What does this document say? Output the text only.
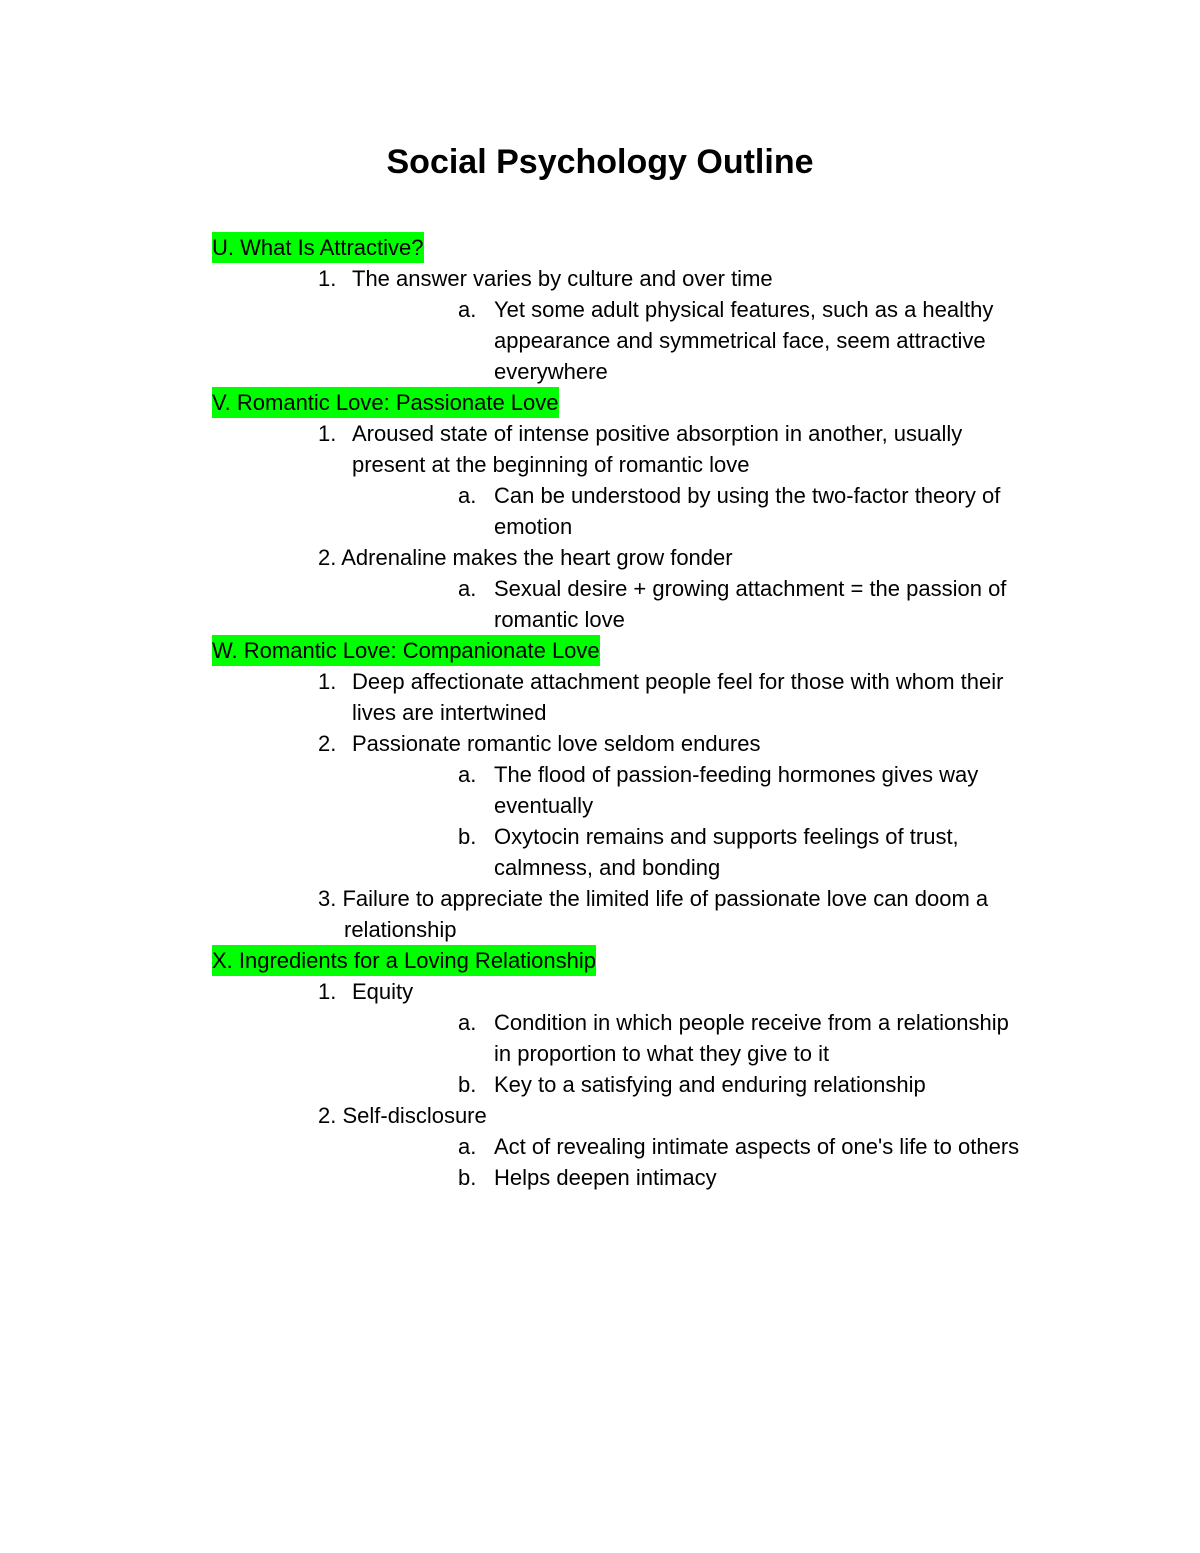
Social Psychology Outline
U. What Is Attractive?
1. The answer varies by culture and over time
a. Yet some adult physical features, such as a healthy
appearance and symmetrical face, seem attractive
everywhere
V. Romantic Love: Passionate Love
1. Aroused state of intense positive absorption in another, usually
present at the beginning of romantic love
a. Can be understood by using the two-factor theory of
emotion
2. Adrenaline makes the heart grow fonder
a. Sexual desire + growing attachment = the passion of
romantic love
W. Romantic Love: Companionate Love
1. Deep affectionate attachment people feel for those with whom their
lives are intertwined
2. Passionate romantic love seldom endures
a. The flood of passion-feeding hormones gives way
eventually
b. Oxytocin remains and supports feelings of trust,
calmness, and bonding
3. Failure to appreciate the limited life of passionate love can doom a
relationship
X. Ingredients for a Loving Relationship
1. Equity
a. Condition in which people receive from a relationship
in proportion to what they give to it
b. Key to a satisfying and enduring relationship
2. Self-disclosure
a. Act of revealing intimate aspects of one's life to others
b. Helps deepen intimacy
